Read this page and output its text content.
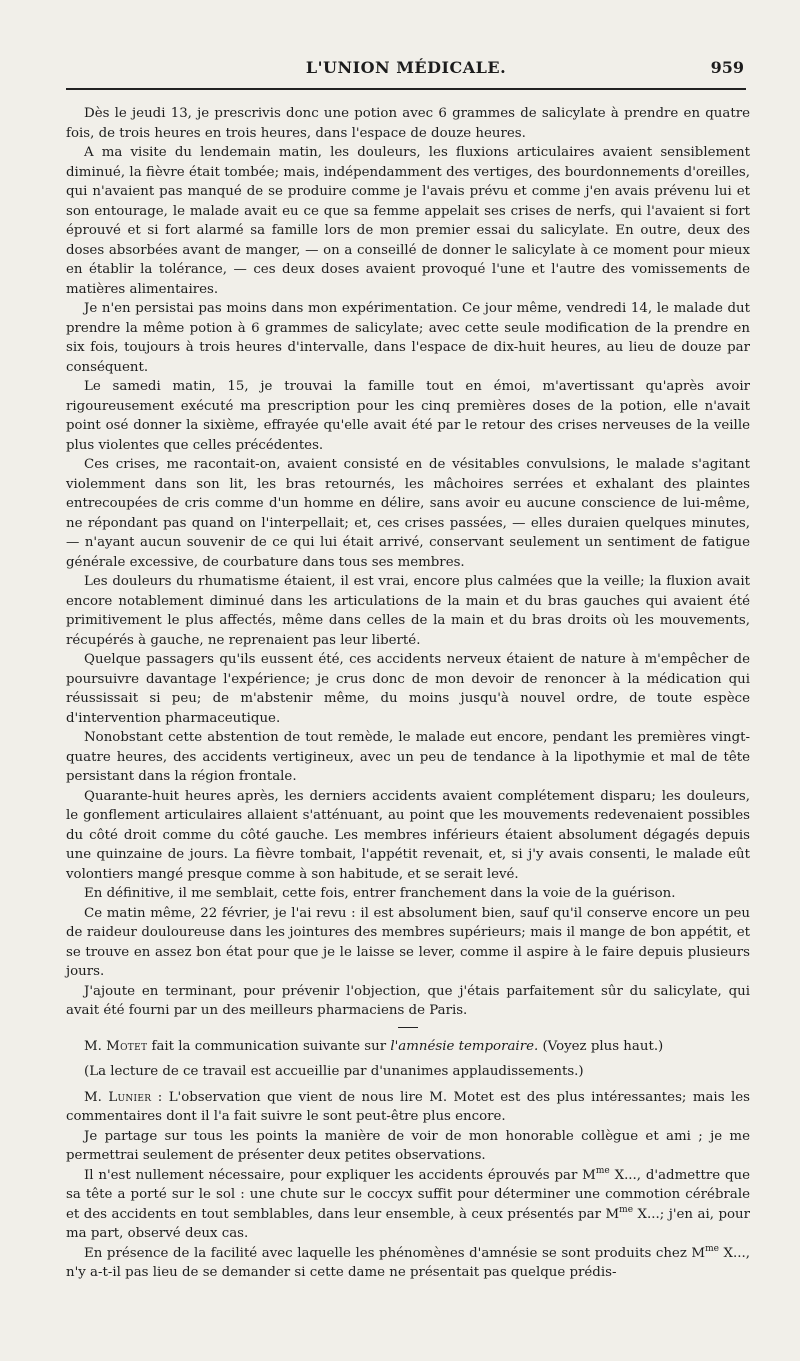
L'UNION MÉDICALE.	959

Dès le jeudi 13, je prescrivis donc une potion avec 6 grammes de salicylate à prendre en quatre fois, de trois heures en trois heures, dans l'espace de douze heures.

A ma visite du lendemain matin, les douleurs, les fluxions articulaires avaient sensiblement diminué, la fièvre était tombée; mais, indépendamment des vertiges, des bourdonnements d'oreilles, qui n'avaient pas manqué de se produire comme je l'avais prévu et comme j'en avais prévenu lui et son entourage, le malade avait eu ce que sa femme appelait ses crises de nerfs, qui l'avaient si fort éprouvé et si fort alarmé sa famille lors de mon premier essai du salicylate. En outre, deux des doses absorbées avant de manger, — on a conseillé de donner le salicylate à ce moment pour mieux en établir la tolérance, — ces deux doses avaient provoqué l'une et l'autre des vomissements de matières alimentaires.

Je n'en persistai pas moins dans mon expérimentation. Ce jour même, vendredi 14, le malade dut prendre la même potion à 6 grammes de salicylate; avec cette seule modification de la prendre en six fois, toujours à trois heures d'intervalle, dans l'espace de dix-huit heures, au lieu de douze par conséquent.

Le samedi matin, 15, je trouvai la famille tout en émoi, m'avertissant qu'après avoir rigoureusement exécuté ma prescription pour les cinq premières doses de la potion, elle n'avait point osé donner la sixième, effrayée qu'elle avait été par le retour des crises nerveuses de la veille plus violentes que celles précédentes.

Ces crises, me racontait-on, avaient consisté en de vésitables convulsions, le malade s'agitant violemment dans son lit, les bras retournés, les mâchoires serrées et exhalant des plaintes entrecoupées de cris comme d'un homme en délire, sans avoir eu aucune conscience de lui-même, ne répondant pas quand on l'interpellait; et, ces crises passées, — elles duraien quelques minutes, — n'ayant aucun souvenir de ce qui lui était arrivé, conservant seulement un sentiment de fatigue générale excessive, de courbature dans tous ses membres.

Les douleurs du rhumatisme étaient, il est vrai, encore plus calmées que la veille; la fluxion avait encore notablement diminué dans les articulations de la main et du bras gauches qui avaient été primitivement le plus affectés, même dans celles de la main et du bras droits où les mouvements, récupérés à gauche, ne reprenaient pas leur liberté.

Quelque passagers qu'ils eussent été, ces accidents nerveux étaient de nature à m'empêcher de poursuivre davantage l'expérience; je crus donc de mon devoir de renoncer à la médication qui réussissait si peu; de m'abstenir même, du moins jusqu'à nouvel ordre, de toute espèce d'intervention pharmaceutique.

Nonobstant cette abstention de tout remède, le malade eut encore, pendant les premières vingt-quatre heures, des accidents vertigineux, avec un peu de tendance à la lipothymie et mal de tête persistant dans la région frontale.

Quarante-huit heures après, les derniers accidents avaient complétement disparu; les douleurs, le gonflement articulaires allaient s'atténuant, au point que les mouvements redevenaient possibles du côté droit comme du côté gauche. Les membres inférieurs étaient absolument dégagés depuis une quinzaine de jours. La fièvre tombait, l'appétit revenait, et, si j'y avais consenti, le malade eût volontiers mangé presque comme à son habitude, et se serait levé.

En définitive, il me semblait, cette fois, entrer franchement dans la voie de la guérison.

Ce matin même, 22 février, je l'ai revu : il est absolument bien, sauf qu'il conserve encore un peu de raideur douloureuse dans les jointures des membres supérieurs; mais il mange de bon appétit, et se trouve en assez bon état pour que je le laisse se lever, comme il aspire à le faire depuis plusieurs jours.

J'ajoute en terminant, pour prévenir l'objection, que j'étais parfaitement sûr du salicylate, qui avait été fourni par un des meilleurs pharmaciens de Paris.

M. Motet fait la communication suivante sur l'amnésie temporaire. (Voyez plus haut.)

(La lecture de ce travail est accueillie par d'unanimes applaudissements.)

M. Lunier : L'observation que vient de nous lire M. Motet est des plus intéressantes; mais les commentaires dont il l'a fait suivre le sont peut-être plus encore.

Je partage sur tous les points la manière de voir de mon honorable collègue et ami ; je me permettrai seulement de présenter deux petites observations.

Il n'est nullement nécessaire, pour expliquer les accidents éprouvés par $M^{me}$ X..., d'admettre que sa tête a porté sur le sol : une chute sur le coccyx suffit pour déterminer une commotion cérébrale et des accidents en tout semblables, dans leur ensemble, à ceux présentés par $M^{me}$ X...; j'en ai, pour ma part, observé deux cas.

En présence de la facilité avec laquelle les phénomènes d'amnésie se sont produits chez $M^{me}$ X..., n'y a-t-il pas lieu de se demander si cette dame ne présentait pas quelque prédis-
